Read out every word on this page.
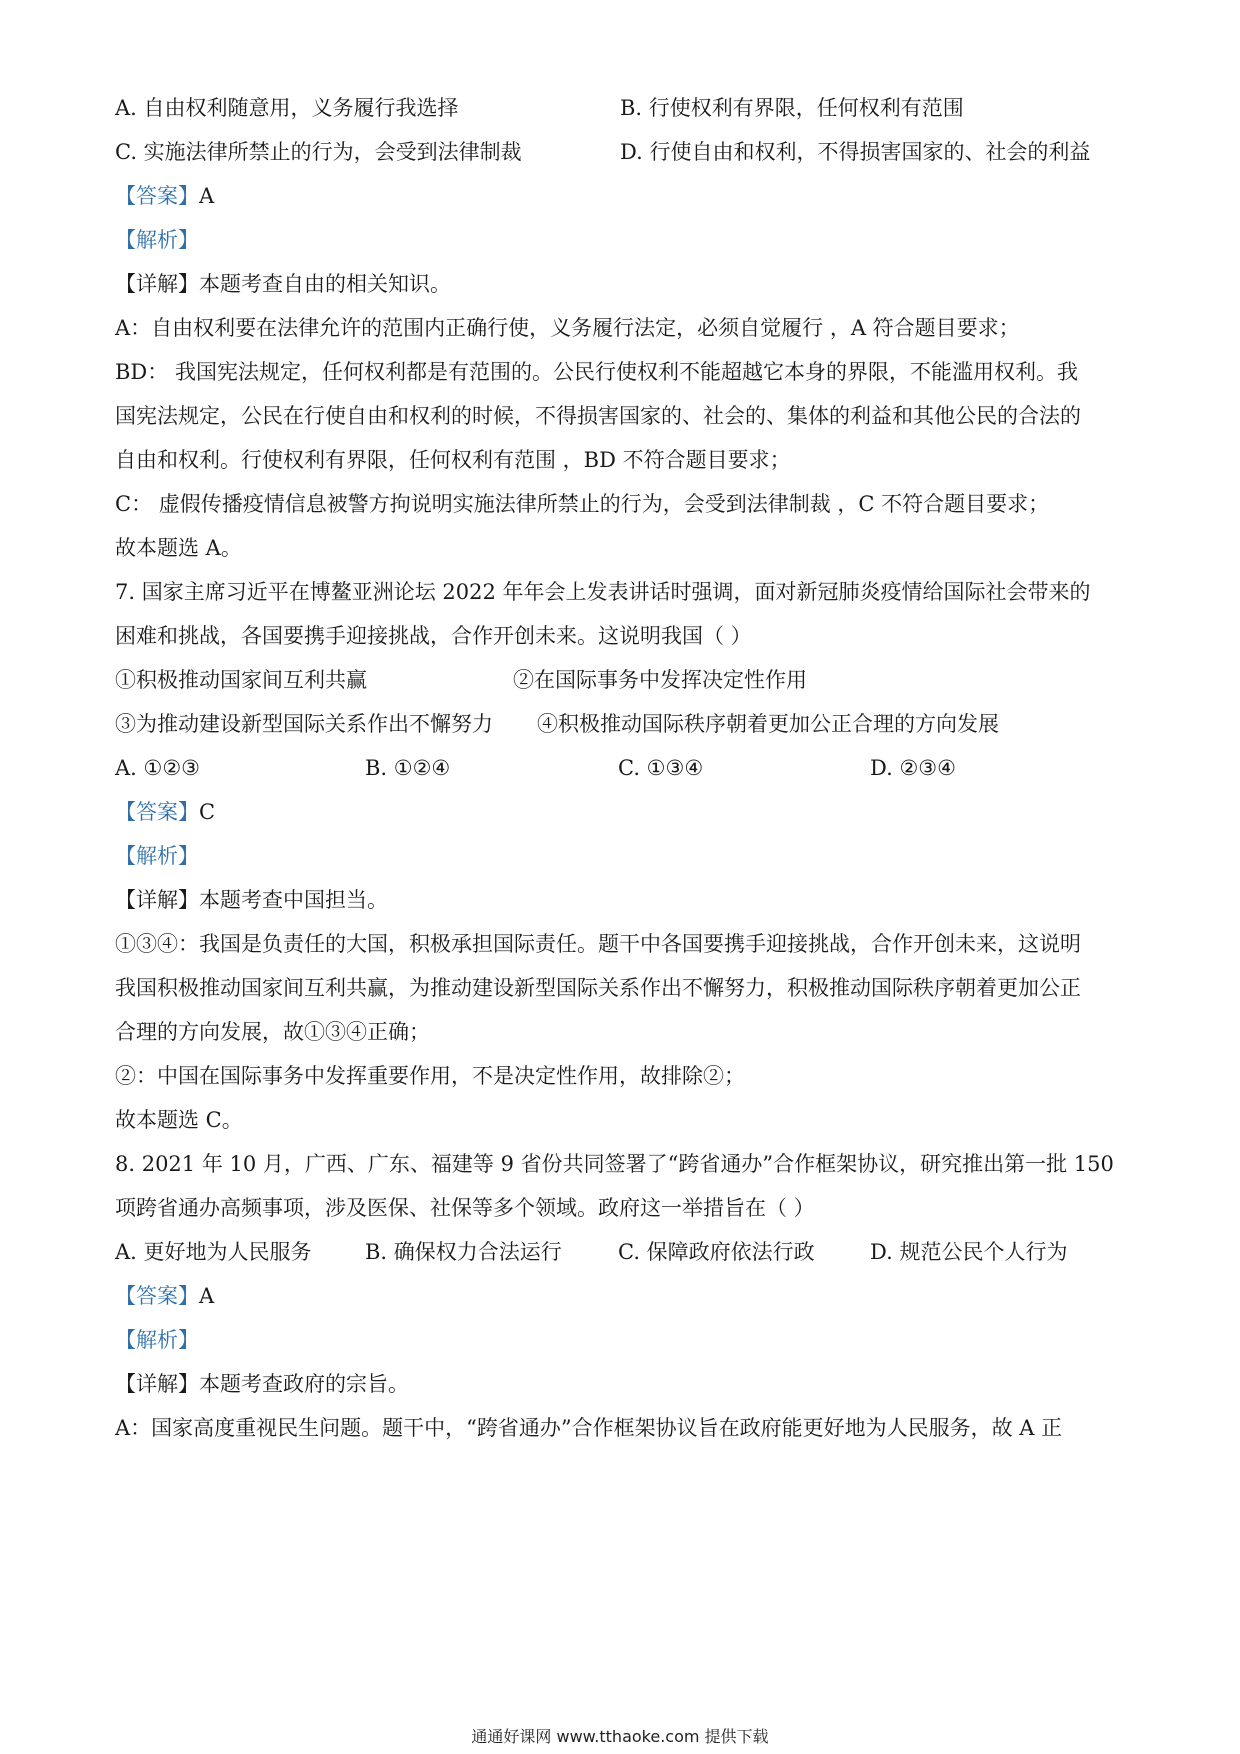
A. 自由权利随意用，义务履行我选择	B. 行使权利有界限，任何权利有范围
C. 实施法律所禁止的行为，会受到法律制裁	D. 行使自由和权利，不得损害国家的、社会的利益
【答案】A
【解析】
【详解】本题考查自由的相关知识。
A：自由权利要在法律允许的范围内正确行使，义务履行法定，必须自觉履行 ，A 符合题目要求；
BD： 我国宪法规定，任何权利都是有范围的。公民行使权利不能超越它本身的界限，不能滥用权利。我
国宪法规定，公民在行使自由和权利的时候，不得损害国家的、社会的、集体的利益和其他公民的合法的
自由和权利。行使权利有界限，任何权利有范围 ，BD 不符合题目要求；
C： 虚假传播疫情信息被警方拘说明实施法律所禁止的行为，会受到法律制裁 ，C 不符合题目要求；
故本题选 A。
7. 国家主席习近平在博鳌亚洲论坛 2022 年年会上发表讲话时强调，面对新冠肺炎疫情给国际社会带来的
困难和挑战，各国要携手迎接挑战，合作开创未来。这说明我国（ ）
①积极推动国家间互利共赢	②在国际事务中发挥决定性作用
③为推动建设新型国际关系作出不懈努力 ④积极推动国际秩序朝着更加公正合理的方向发展
A. ①②③	B. ①②④	C. ①③④	D. ②③④
【答案】C
【解析】
【详解】本题考查中国担当。
①③④：我国是负责任的大国，积极承担国际责任。题干中各国要携手迎接挑战，合作开创未来，这说明
我国积极推动国家间互利共赢，为推动建设新型国际关系作出不懈努力，积极推动国际秩序朝着更加公正
合理的方向发展，故①③④正确；
②：中国在国际事务中发挥重要作用，不是决定性作用，故排除②；
故本题选 C。
8. 2021 年 10 月，广西、广东、福建等 9 省份共同签署了“跨省通办”合作框架协议，研究推出第一批 150
项跨省通办高频事项，涉及医保、社保等多个领域。政府这一举措旨在（ ）
A. 更好地为人民服务	B. 确保权力合法运行	C. 保障政府依法行政	D. 规范公民个人行为
【答案】A
【解析】
【详解】本题考查政府的宗旨。
A：国家高度重视民生问题。题干中，“跨省通办”合作框架协议旨在政府能更好地为人民服务，故 A 正
通通好课网 www.tthaoke.com 提供下载
